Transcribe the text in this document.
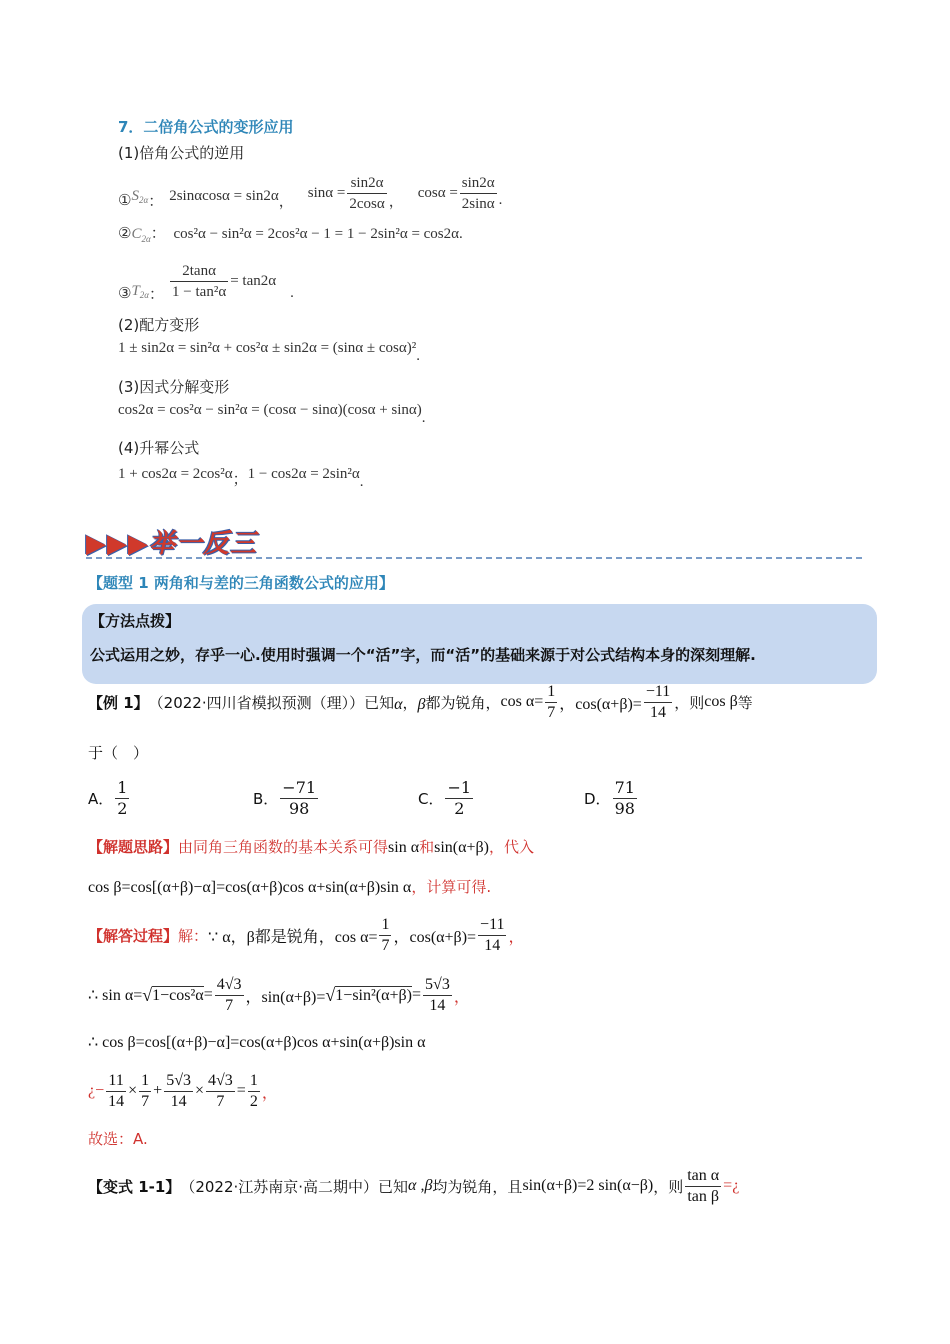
7．二倍角公式的变形应用
(1)倍角公式的逆用
① $S_{2\alpha}$ ： 2sinαcosα = sin2α ， $\sin\alpha = \frac{\sin 2\alpha}{2\cos\alpha}$ ， $\cos\alpha = \frac{\sin 2\alpha}{2\sin\alpha}$ .
$②C_{2\alpha}$： cos²α − sin²α = 2cos²α − 1 = 1 − 2sin²α = cos2α.
③ $T_{2\alpha}$ ： $\frac{2\tan\alpha}{\text{1 − tan²α}} = \tan 2\alpha$
.
(2)配方变形
1 ± sin2α = sin²α + cos²α ± sin2α = (sinα ± cosα)².
(3)因式分解变形
cos2α = cos²α − sin²α = (cosα − sinα)(cosα + sinα).
(4)升幂公式
1 + cos2α = 2cos²α；1 − cos2α = 2sin²α.
▶▶▶举一反三
【题型 1 两角和与差的三角函数公式的应用】
【方法点拨】
公式运用之妙，存乎一心.使用时强调一个“活”字，而“活”的基础来源于对公式结构本身的深刻理解.
【例 1】 （2022·四川省模拟预测（理））已知 α ， β 都为锐角， $\cos \alpha= \frac{1}{7}$ ，$\cos(\alpha+\beta)= \frac{-11}{14}$ ，则 cos β 等
于（　）
A． $\frac{1}{2}$	B． $\frac{-71}{98}$	C． $\frac{-1}{2}$	D． $\frac{71}{98}$
【解题思路】由同角三角函数的基本关系可得sin α和sin(α+β)，代入
cos β=cos[(α+β)−α]=cos(α+β)cos α+sin(α+β)sin α，计算可得.
【解答过程】 解： ∵ α，β都是锐角，$\cos \alpha= \frac{1}{7}$ ，$\cos(\alpha+\beta)= \frac{-11}{14}$ ，
∴ sin α= √ $1-\cos^2\alpha = \frac{4√3}{7}$ ，sin(α+β)= √ $1-\sin^2(\alpha+\beta) = \frac{5√3}{14}$ ，
∴ cos β=cos[(α+β)−α]=cos(α+β)cos α+sin(α+β)sin α
¿− $\frac{11}{14} \times \frac{1}{7} + \frac{5√3}{14} \times \frac{4√3}{7} = \frac{1}{2}$ ，
故选：A.
【变式 1-1】 （2022·江苏南京·高二期中）已知 α ,β 均为锐角，且 sin(α+β)=2 sin(α−β) ，则 $\frac{\text{tan α}}{\text{tan β}}$ =¿
